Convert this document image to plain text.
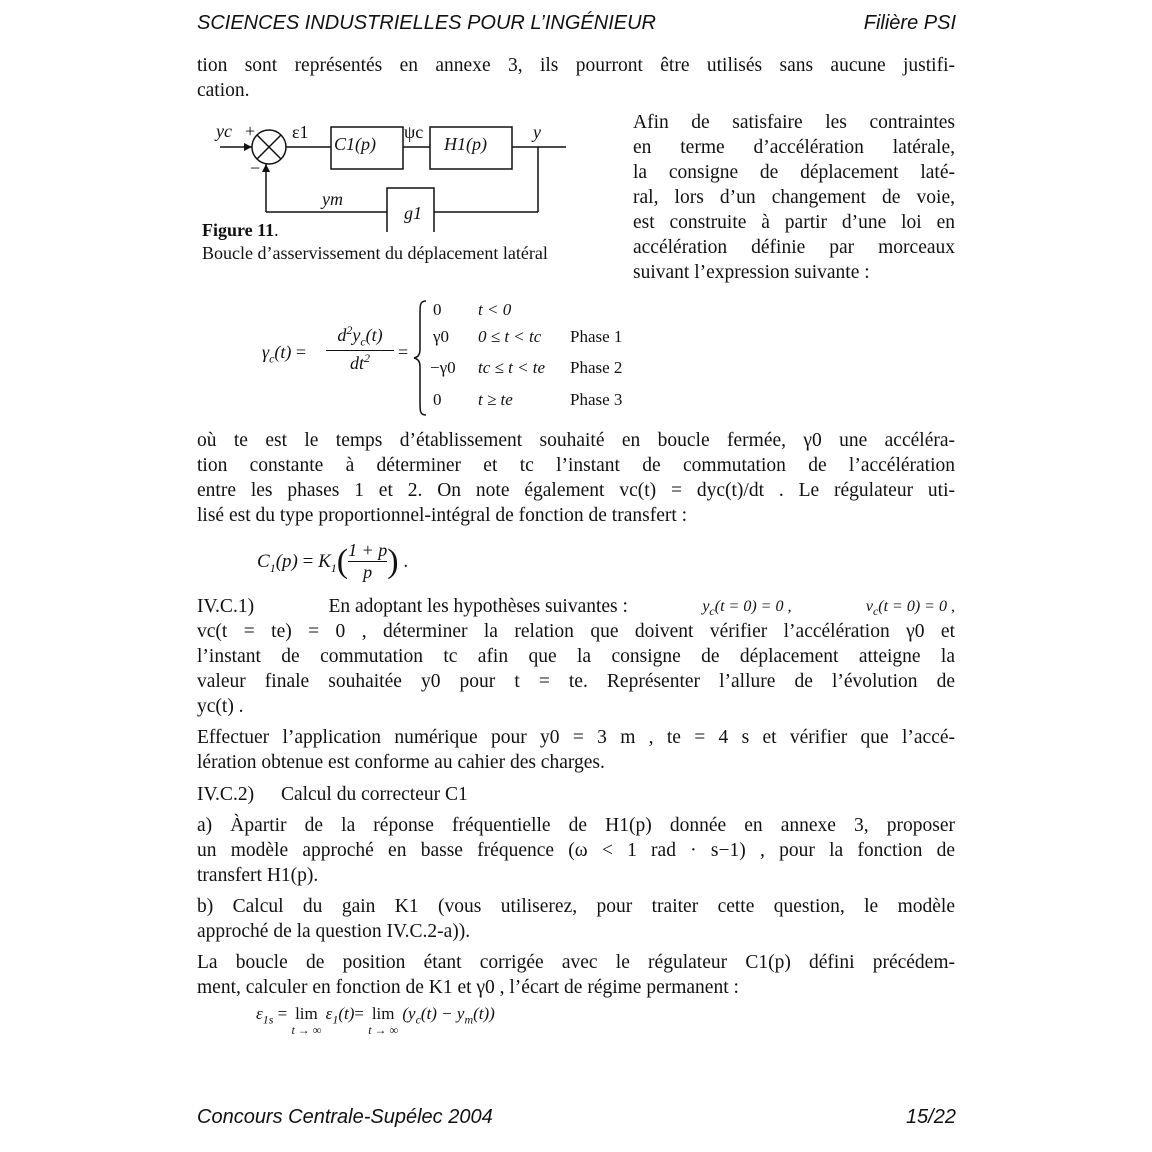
SCIENCES INDUSTRIELLES POUR L’INGÉNIEUR	Filière PSI
tion sont représentés en annexe 3, ils pourront être utilisés sans aucune justifi-
cation.
yc +
−
ε1
C1(p)
ψc
H1(p)
y
ym
g1
Figure 11.
Boucle d’asservissement du déplacement latéral
Afin de satisfaire les contraintes
en terme d’accélération latérale,
la consigne de déplacement laté-
ral, lors d’un changement de voie,
est construite à partir d’une loi en
accélération définie par morceaux
suivant l’expression suivante :
$\gamma_c(t)$ =
$d^2y_c(t)$
$dt^2$	=
0 t < 0
γ0 0 ≤ t < tc Phase 1
−γ0 tc ≤ t < te Phase 2
0 t ≥ te	Phase 3
où te est le temps d’établissement souhaité en boucle fermée, γ0 une accéléra-
tion constante à déterminer et tc l’instant de commutation de l’accélération
entre les phases 1 et 2. On note également vc(t) = dyc(t)/dt . Le régulateur uti-
lisé est du type proportionnel-intégral de fonction de transfert :
$C_1(p) = K_1$ ( 1 + p
p ) .
IV.C.1)	En adoptant les hypothèses suivantes :	$y_c(t = 0) = 0$ ,	$v_c(t = 0) = 0$ ,
vc(t = te) = 0 , déterminer la relation que doivent vérifier l’accélération γ0 et
l’instant de commutation tc afin que la consigne de déplacement atteigne la
valeur finale souhaitée y0 pour t = te. Représenter l’allure de l’évolution de
yc(t) .
Effectuer l’application numérique pour y0 = 3 m , te = 4 s et vérifier que l’accé-
lération obtenue est conforme au cahier des charges.
IV.C.2) Calcul du correcteur C1
a) Àpartir de la réponse fréquentielle de H1(p) donnée en annexe 3, proposer
un modèle approché en basse fréquence (ω < 1 rad · s−1) , pour la fonction de
transfert H1(p).
b) Calcul du gain K1 (vous utiliserez, pour traiter cette question, le modèle
approché de la question IV.C.2-a)).
La boucle de position étant corrigée avec le régulateur C1(p) défini précédem-
ment, calculer en fonction de K1 et γ0 , l’écart de régime permanent :
$\varepsilon_{1s} = \lim$
t → ∞

$\varepsilon_1(t) = \lim$
t → ∞

$(y_c(t) - y_m(t))$
Concours Centrale-Supélec 2004	15/22
